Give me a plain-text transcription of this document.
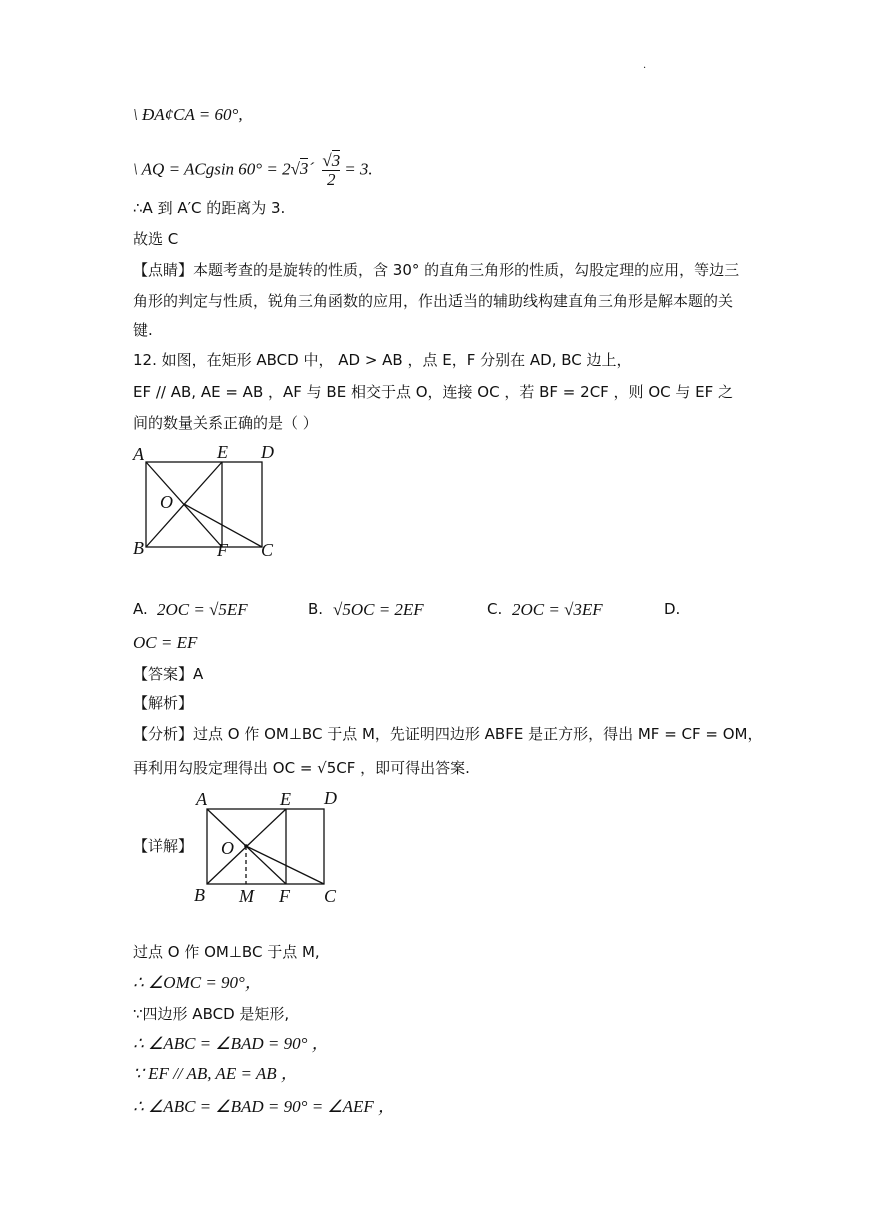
.
\ ÐA¢CA = 60°,
\ AQ = ACgsin 60° = 2√3´ $\frac{√3}{2} = 3$.
∴A 到 A′C 的距离为 3.
故选 C
【点睛】本题考查的是旋转的性质，含 30° 的直角三角形的性质，勾股定理的应用，等边三
角形的判定与性质，锐角三角函数的应用，作出适当的辅助线构建直角三角形是解本题的关
键.
12. 如图，在矩形 ABCD 中， AD > AB ，点 E，F 分别在 AD, BC 边上，
EF // AB, AE = AB ，AF 与 BE 相交于点 O，连接 OC ，若 BF = 2CF ，则 OC 与 EF 之
间的数量关系正确的是（ ）
A	E D
O
B	F C
A. 2OC = √5EF	B. √5OC = 2EF	C. 2OC = √3EF	D.
OC = EF
【答案】A
【解析】
【分析】过点 O 作 OM⊥BC 于点 M，先证明四边形 ABFE 是正方形，得出 MF = CF = OM，
再利用勾股定理得出 OC = √5CF ，即可得出答案.
【详解】
A	E D
O
B M F C
过点 O 作 OM⊥BC 于点 M,
∴ ∠OMC = 90°，
∵四边形 ABCD 是矩形,
∴ ∠ABC = ∠BAD = 90° ，
∵ EF // AB, AE = AB ，
∴ ∠ABC = ∠BAD = 90° = ∠AEF ，
